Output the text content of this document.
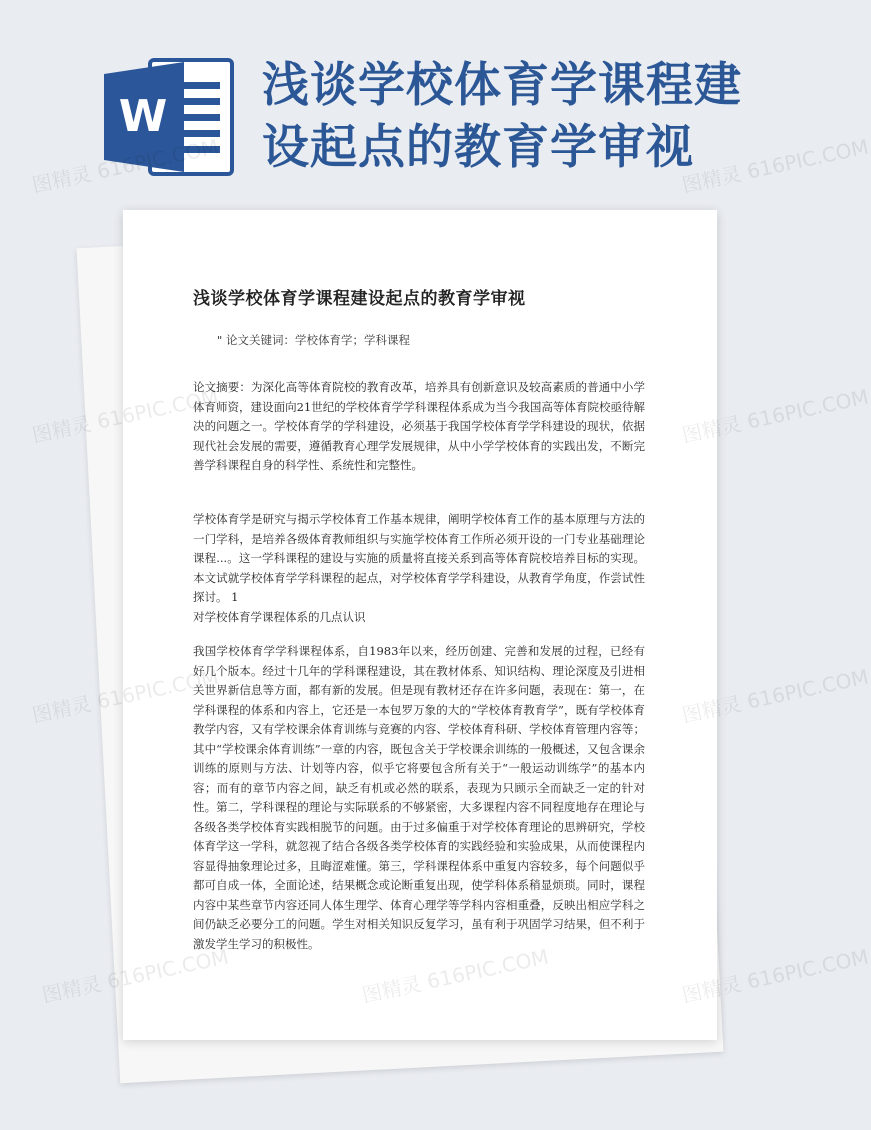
W
浅谈学校体育学课程建设起点的教育学审视
浅谈学校体育学课程建设起点的教育学审视
" 论文关键词：学校体育学；学科课程

论文摘要：为深化高等体育院校的教育改革，培养具有创新意识及较高素质的普通中小学体育师资，建设面向21世纪的学校体育学学科课程体系成为当今我国高等体育院校亟待解决的问题之一。学校体育学的学科建设，必须基于我国学校体育学学科建设的现状，依据现代社会发展的需要，遵循教育心理学发展规律，从中小学学校体育的实践出发，不断完善学科课程自身的科学性、系统性和完整性。

学校体育学是研究与揭示学校体育工作基本规律，阐明学校体育工作的基本原理与方法的一门学科，是培养各级体育教师组织与实施学校体育工作所必须开设的一门专业基础理论课程...。这一学科课程的建设与实施的质量将直接关系到高等体育院校培养目标的实现。本文试就学校体育学学科课程的起点，对学校体育学学科建设，从教育学角度，作尝试性探讨。 1
对学校体育学课程体系的几点认识

我国学校体育学学科课程体系，自1983年以来，经历创建、完善和发展的过程，已经有好几个版本。经过十几年的学科课程建设，其在教材体系、知识结构、理论深度及引进相关世界新信息等方面，都有新的发展。但是现有教材还存在许多问题，表现在：第一，在学科课程的体系和内容上，它还是一本包罗万象的大的“学校体育教育学”，既有学校体育教学内容，又有学校课余体育训练与竞赛的内容、学校体育科研、学校体育管理内容等；其中“学校课余体育训练”一章的内容，既包含关于学校课余训练的一般概述，又包含课余训练的原则与方法、计划等内容，似乎它将要包含所有关于“一般运动训练学”的基本内容；而有的章节内容之间，缺乏有机或必然的联系，表现为只顾示全而缺乏一定的针对性。第二，学科课程的理论与实际联系的不够紧密，大多课程内容不同程度地存在理论与各级各类学校体育实践相脱节的问题。由于过多偏重于对学校体育理论的思辨研究，学校体育学这一学科，就忽视了结合各级各类学校体育的实践经验和实验成果，从而使课程内容显得抽象理论过多，且晦涩难懂。第三，学科课程体系中重复内容较多，每个问题似乎都可自成一体，全面论述，结果概念或论断重复出现，使学科体系稍显烦琐。同时，课程内容中某些章节内容还同人体生理学、体育心理学等学科内容相重叠，反映出相应学科之间仍缺乏必要分工的问题。学生对相关知识反复学习，虽有利于巩固学习结果，但不利于激发学生学习的积极性。

图精灵 616PIC.COM	图精灵 616PIC.COM
图精灵	图精灵 616PIC.COM
图精灵	图精灵 616PIC.COM
图精灵	图精灵 616PIC.COM
